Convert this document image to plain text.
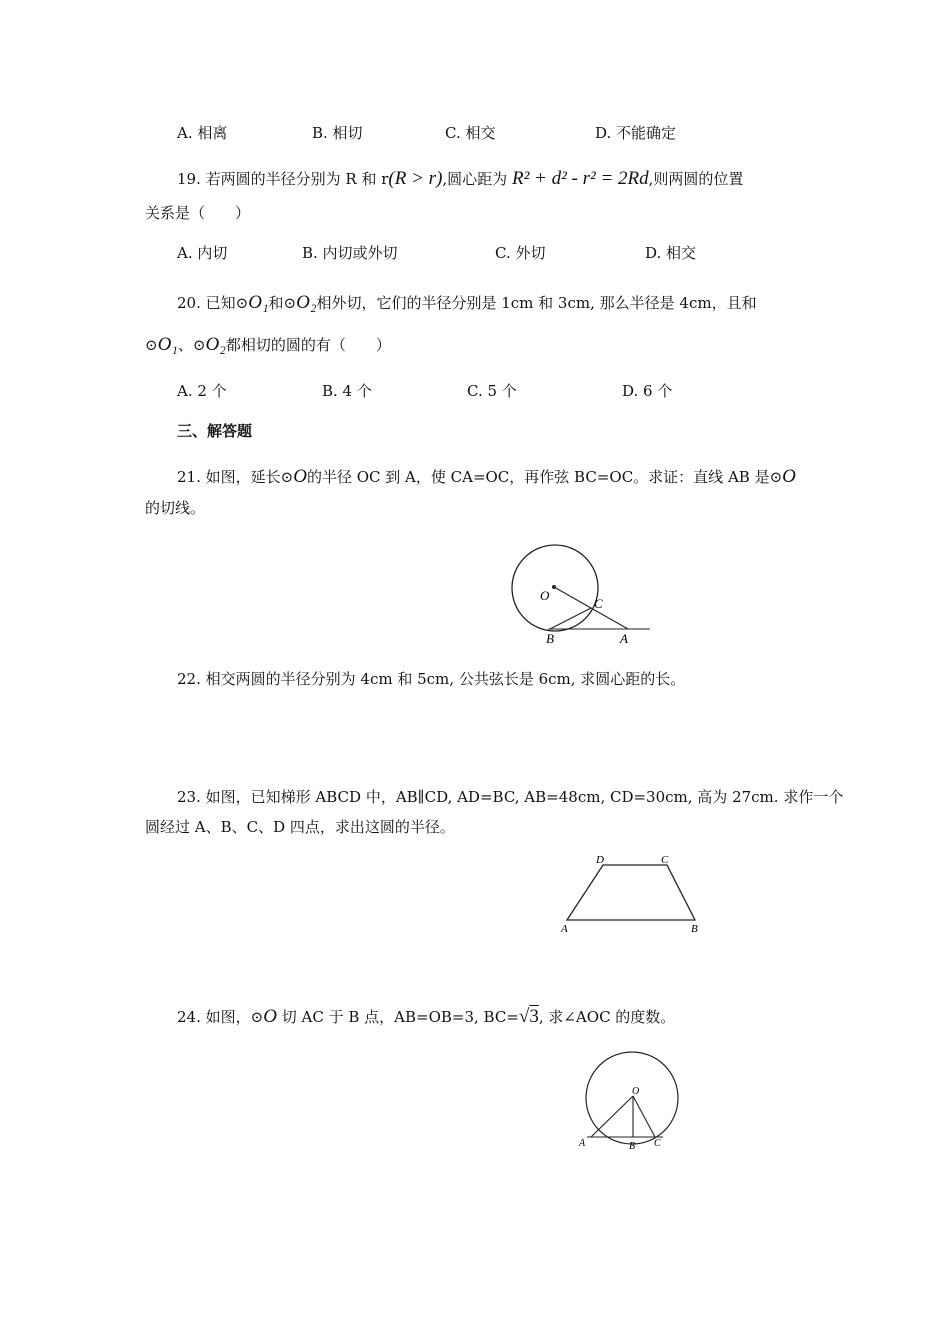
A. 相离	B. 相切	C. 相交	D. 不能确定
19. 若两圆的半径分别为 R 和 r(R > r),圆心距为 R² + d² - r² = 2Rd,则两圆的位置
关系是（　　）
A. 内切	B. 内切或外切	C. 外切	D. 相交
20. 已知⊙O₁和⊙O₂相外切，它们的半径分别是 1cm 和 3cm, 那么半径是 4cm，且和
⊙O₁、⊙O₂都相切的圆的有（　　）
A. 2 个	B. 4 个	C. 5 个	D. 6 个
三、解答题
21. 如图，延长⊙O的半径 OC 到 A，使 CA=OC，再作弦 BC=OC。求证：直线 AB 是⊙O
的切线。
O
C
B	A
22. 相交两圆的半径分别为 4cm 和 5cm, 公共弦长是 6cm, 求圆心距的长。
23. 如图，已知梯形 ABCD 中，AB∥CD, AD=BC, AB=48cm, CD=30cm, 高为 27cm. 求作一个
圆经过 A、B、C、D 四点，求出这圆的半径。
D	C
A	B
24. 如图，⊙O 切 AC 于 B 点，AB=OB=3, BC=√3, 求∠AOC 的度数。
O
A	B C
